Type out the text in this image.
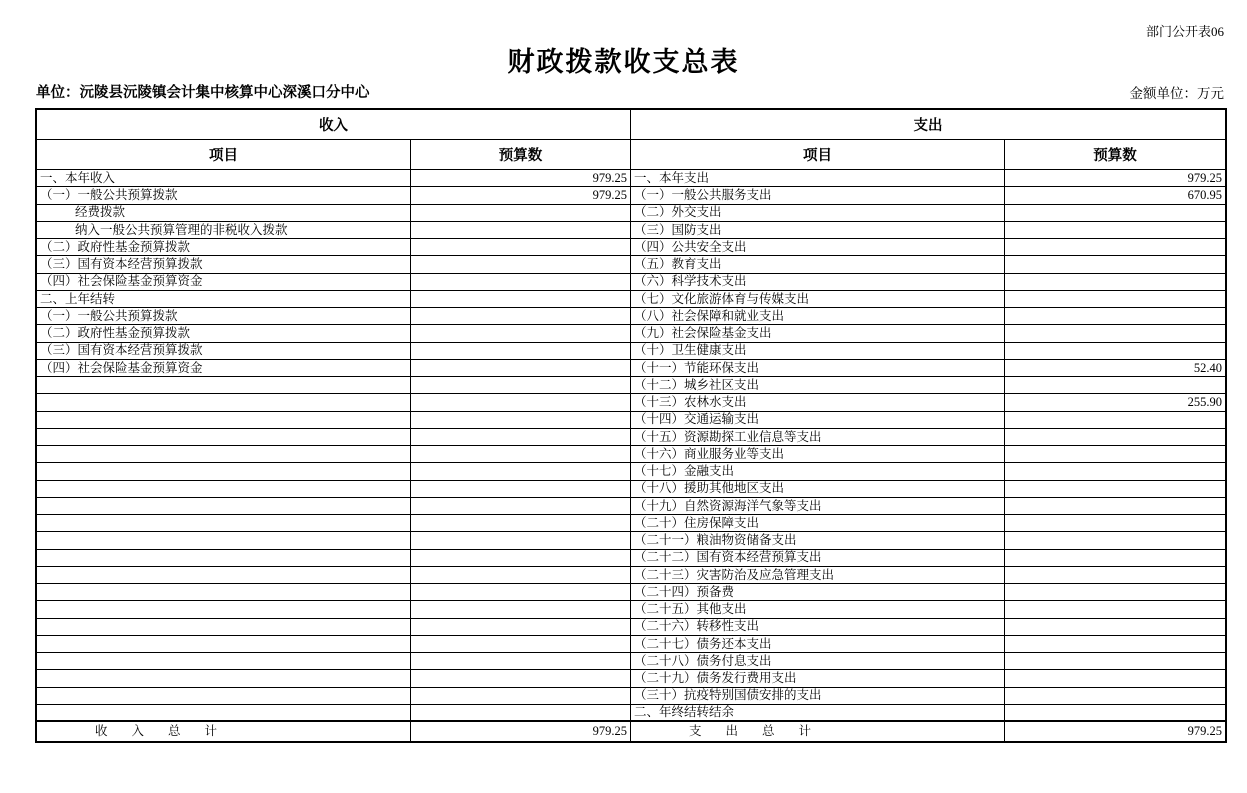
部门公开表06
财政拨款收支总表
单位：沅陵县沅陵镇会计集中核算中心深溪口分中心	金额单位：万元
收入
项目	预算数
一、本年收入	979.25
（一）一般公共预算拨款	979.25
经费拨款
纳入一般公共预算管理的非税收入拨款
（二）政府性基金预算拨款
（三）国有资本经营预算拨款
（四）社会保险基金预算资金
二、上年结转
（一）一般公共预算拨款
（二）政府性基金预算拨款
（三）国有资本经营预算拨款
（四）社会保险基金预算资金
收入总计	979.25
支出
项目	预算数
一、本年支出	979.25
（一）一般公共服务支出	670.95
（二）外交支出
（三）国防支出
（四）公共安全支出
（五）教育支出
（六）科学技术支出
（七）文化旅游体育与传媒支出
（八）社会保障和就业支出
（九）社会保险基金支出
（十）卫生健康支出
（十一）节能环保支出	52.40
（十二）城乡社区支出
（十三）农林水支出	255.90
（十四）交通运输支出
（十五）资源勘探工业信息等支出
（十六）商业服务业等支出
（十七）金融支出
（十八）援助其他地区支出
（十九）自然资源海洋气象等支出
（二十）住房保障支出
（二十一）粮油物资储备支出
（二十二）国有资本经营预算支出
（二十三）灾害防治及应急管理支出
（二十四）预备费
（二十五）其他支出
（二十六）转移性支出
（二十七）债务还本支出
（二十八）债务付息支出
（二十九）债务发行费用支出
（三十）抗疫特别国债安排的支出
二、年终结转结余
支出总计	979.25
